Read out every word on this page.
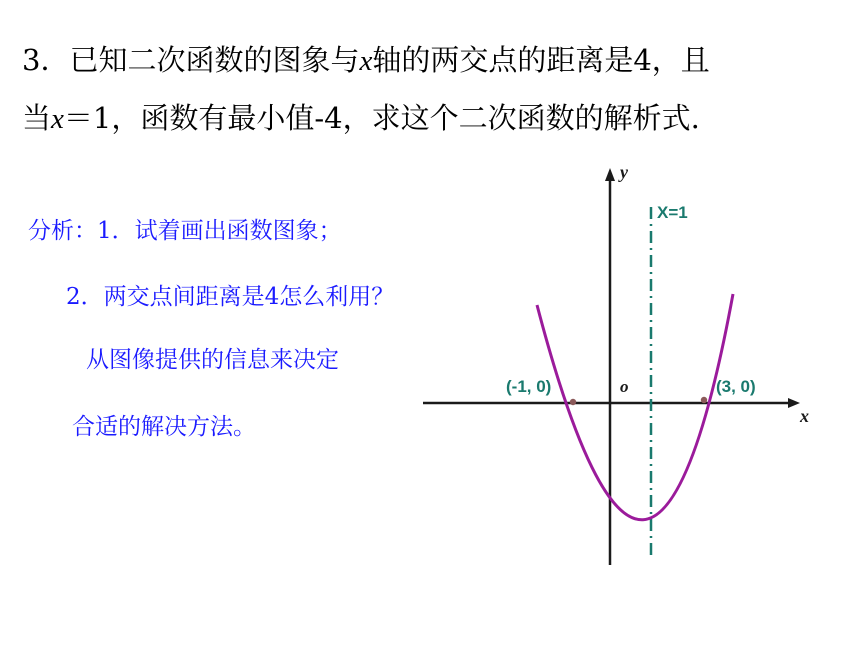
3．已知二次函数的图象与x轴的两交点的距离是4，且
当x＝1，函数有最小值-4，求这个二次函数的解析式.
分析：1．试着画出函数图象；
2．两交点间距离是4怎么利用？
从图像提供的信息来决定
合适的解决方法。	x
y
o
X=1
(-1, 0)	(3, 0)
